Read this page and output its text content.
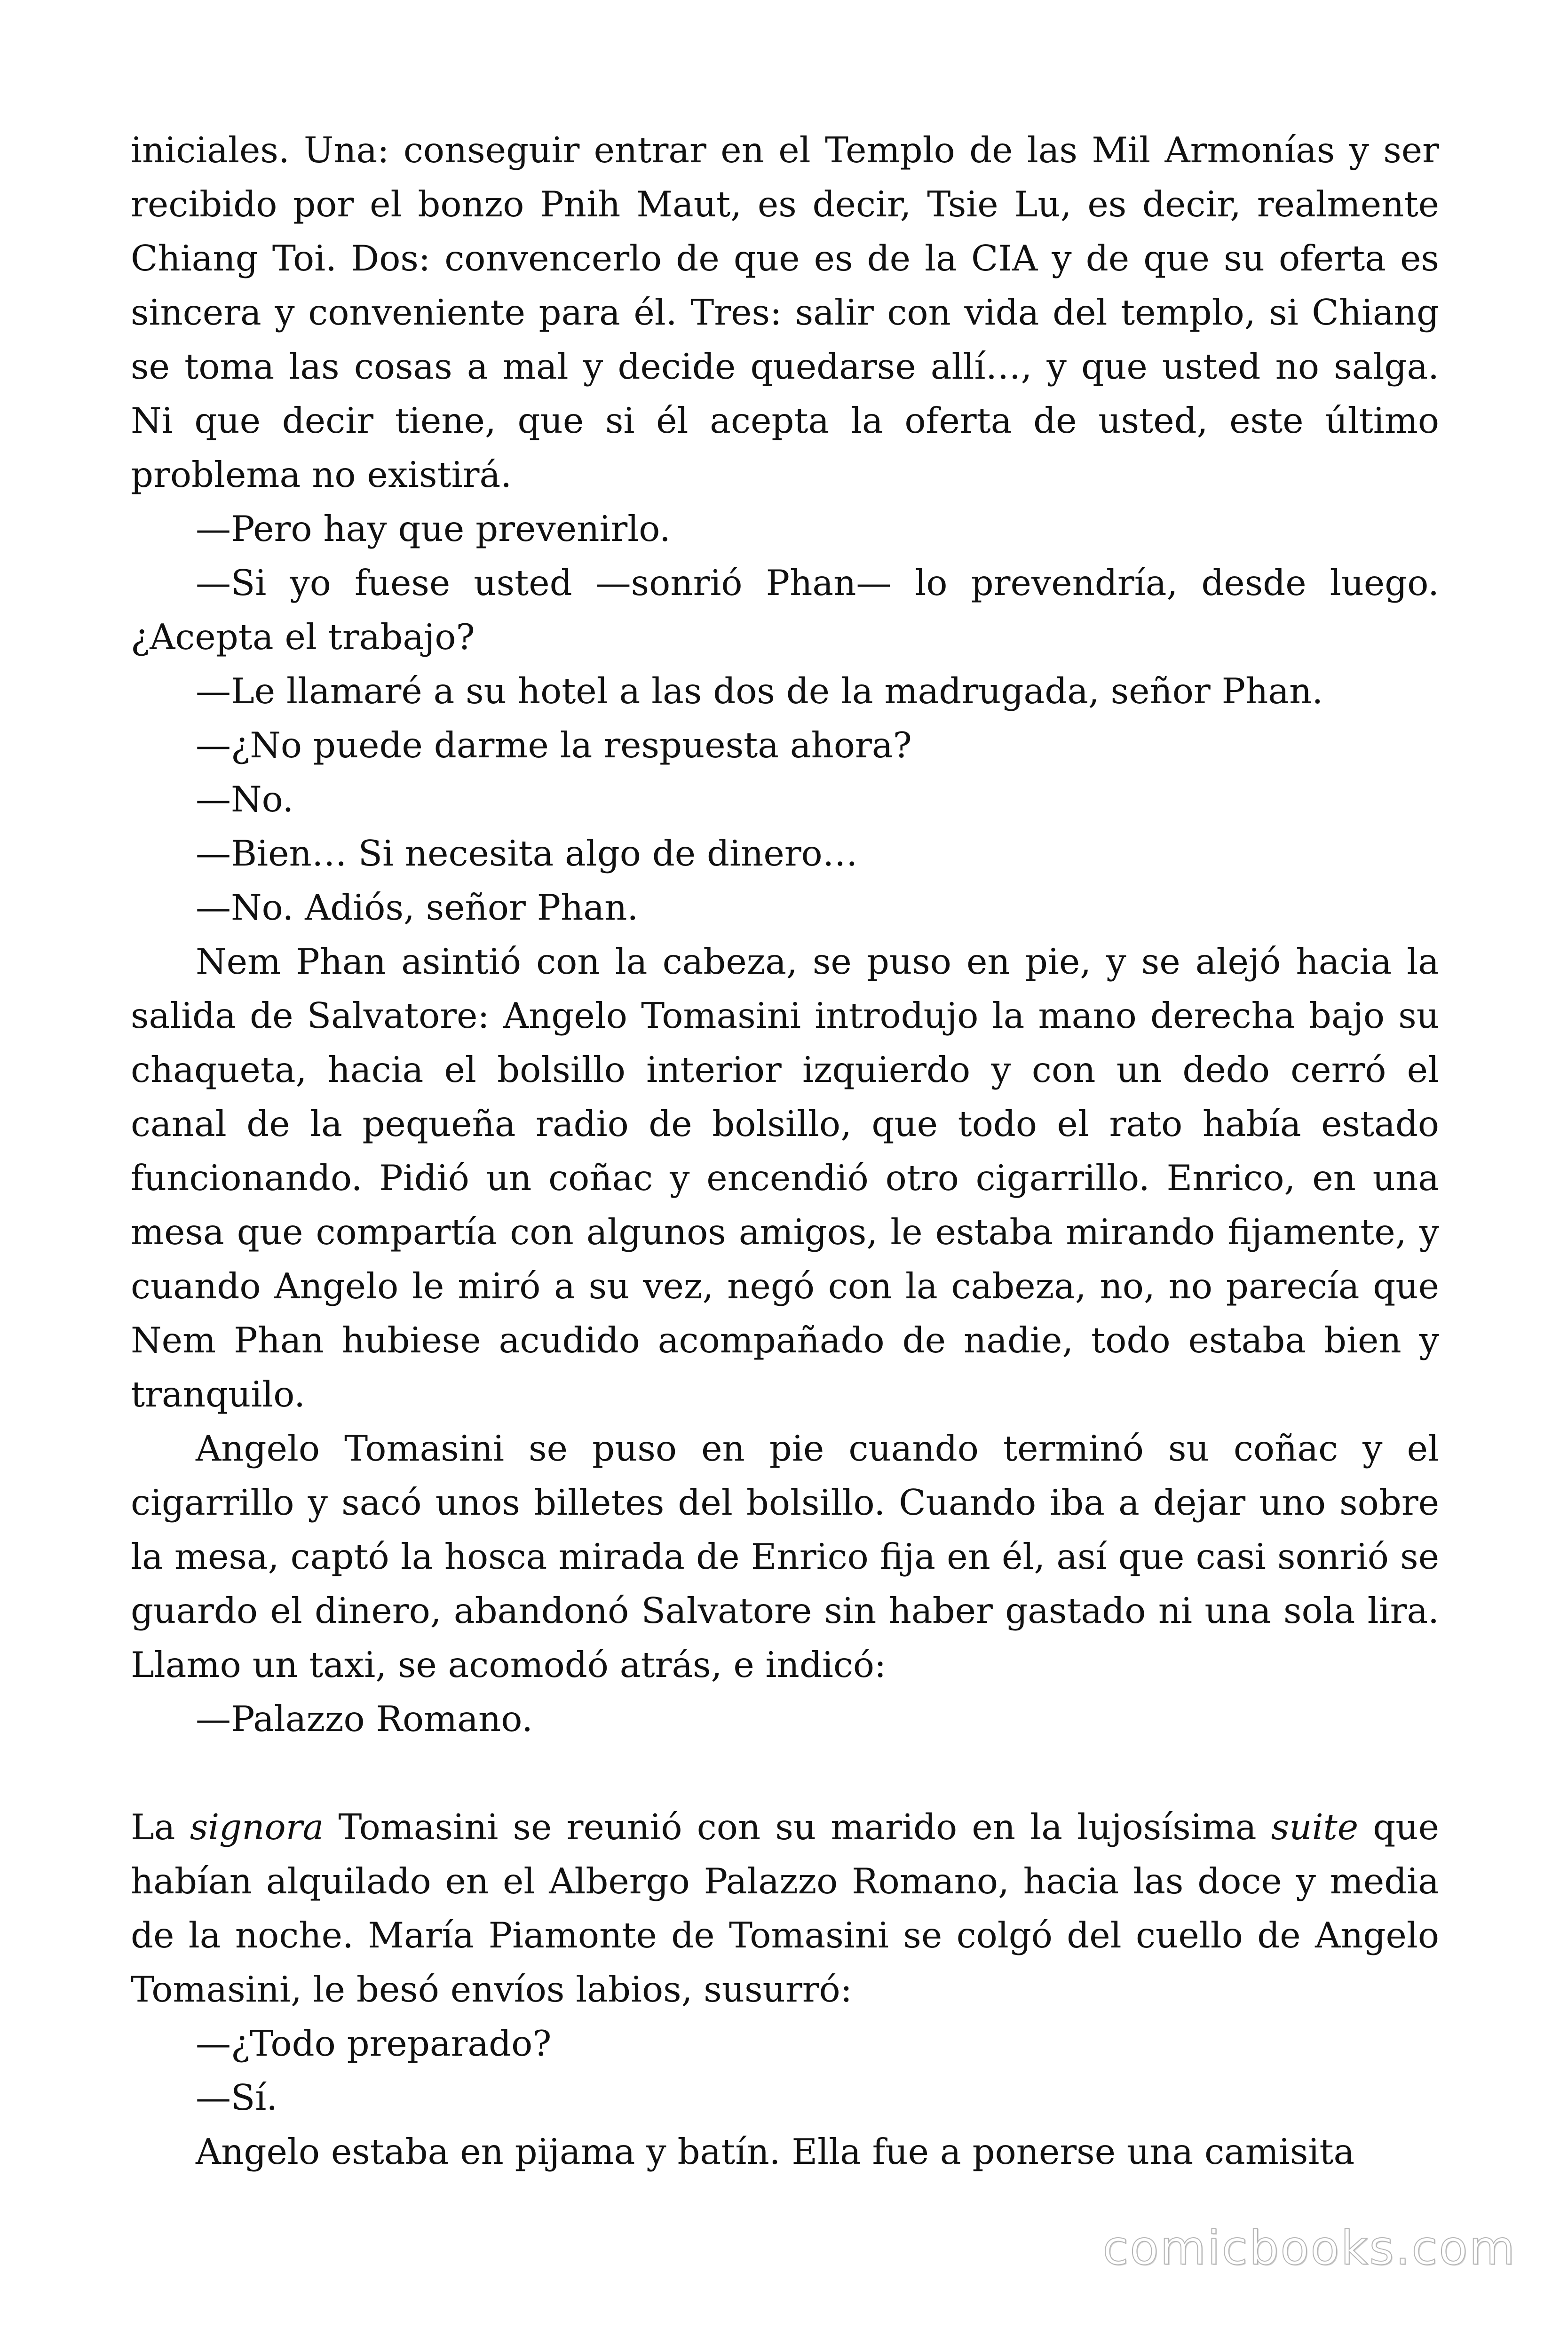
iniciales. Una: conseguir entrar en el Templo de las Mil Armonías y ser recibido por el bonzo Pnih Maut, es decir, Tsie Lu, es decir, realmente Chiang Toi. Dos: convencerlo de que es de la CIA y de que su oferta es sincera y conveniente para él. Tres: salir con vida del templo, si Chiang se toma las cosas a mal y decide quedarse allí…, y que usted no salga. Ni que decir tiene, que si él acepta la oferta de usted, este último problema no existirá.

—Pero hay que prevenirlo.

—Si yo fuese usted —sonrió Phan— lo prevendría, desde luego. ¿Acepta el trabajo?

—Le llamaré a su hotel a las dos de la madrugada, señor Phan.

—¿No puede darme la respuesta ahora?

—No.

—Bien… Si necesita algo de dinero…

—No. Adiós, señor Phan.

Nem Phan asintió con la cabeza, se puso en pie, y se alejó hacia la salida de Salvatore: Angelo Tomasini introdujo la mano derecha bajo su chaqueta, hacia el bolsillo interior izquierdo y con un dedo cerró el canal de la pequeña radio de bolsillo, que todo el rato había estado funcionando. Pidió un coñac y encendió otro cigarrillo. Enrico, en una mesa que compartía con algunos amigos, le estaba mirando fijamente, y cuando Angelo le miró a su vez, negó con la cabeza, no, no parecía que Nem Phan hubiese acudido acompañado de nadie, todo estaba bien y tranquilo.

Angelo Tomasini se puso en pie cuando terminó su coñac y el cigarrillo y sacó unos billetes del bolsillo. Cuando iba a dejar uno sobre la mesa, captó la hosca mirada de Enrico fija en él, así que casi sonrió se guardo el dinero, abandonó Salvatore sin haber gastado ni una sola lira. Llamo un taxi, se acomodó atrás, e indicó:

—Palazzo Romano.

La signora Tomasini se reunió con su marido en la lujosísima suite que habían alquilado en el Albergo Palazzo Romano, hacia las doce y media de la noche. María Piamonte de Tomasini se colgó del cuello de Angelo Tomasini, le besó envíos labios, susurró:

—¿Todo preparado?

—Sí.

Angelo estaba en pijama y batín. Ella fue a ponerse una camisita

comicbooks.com
